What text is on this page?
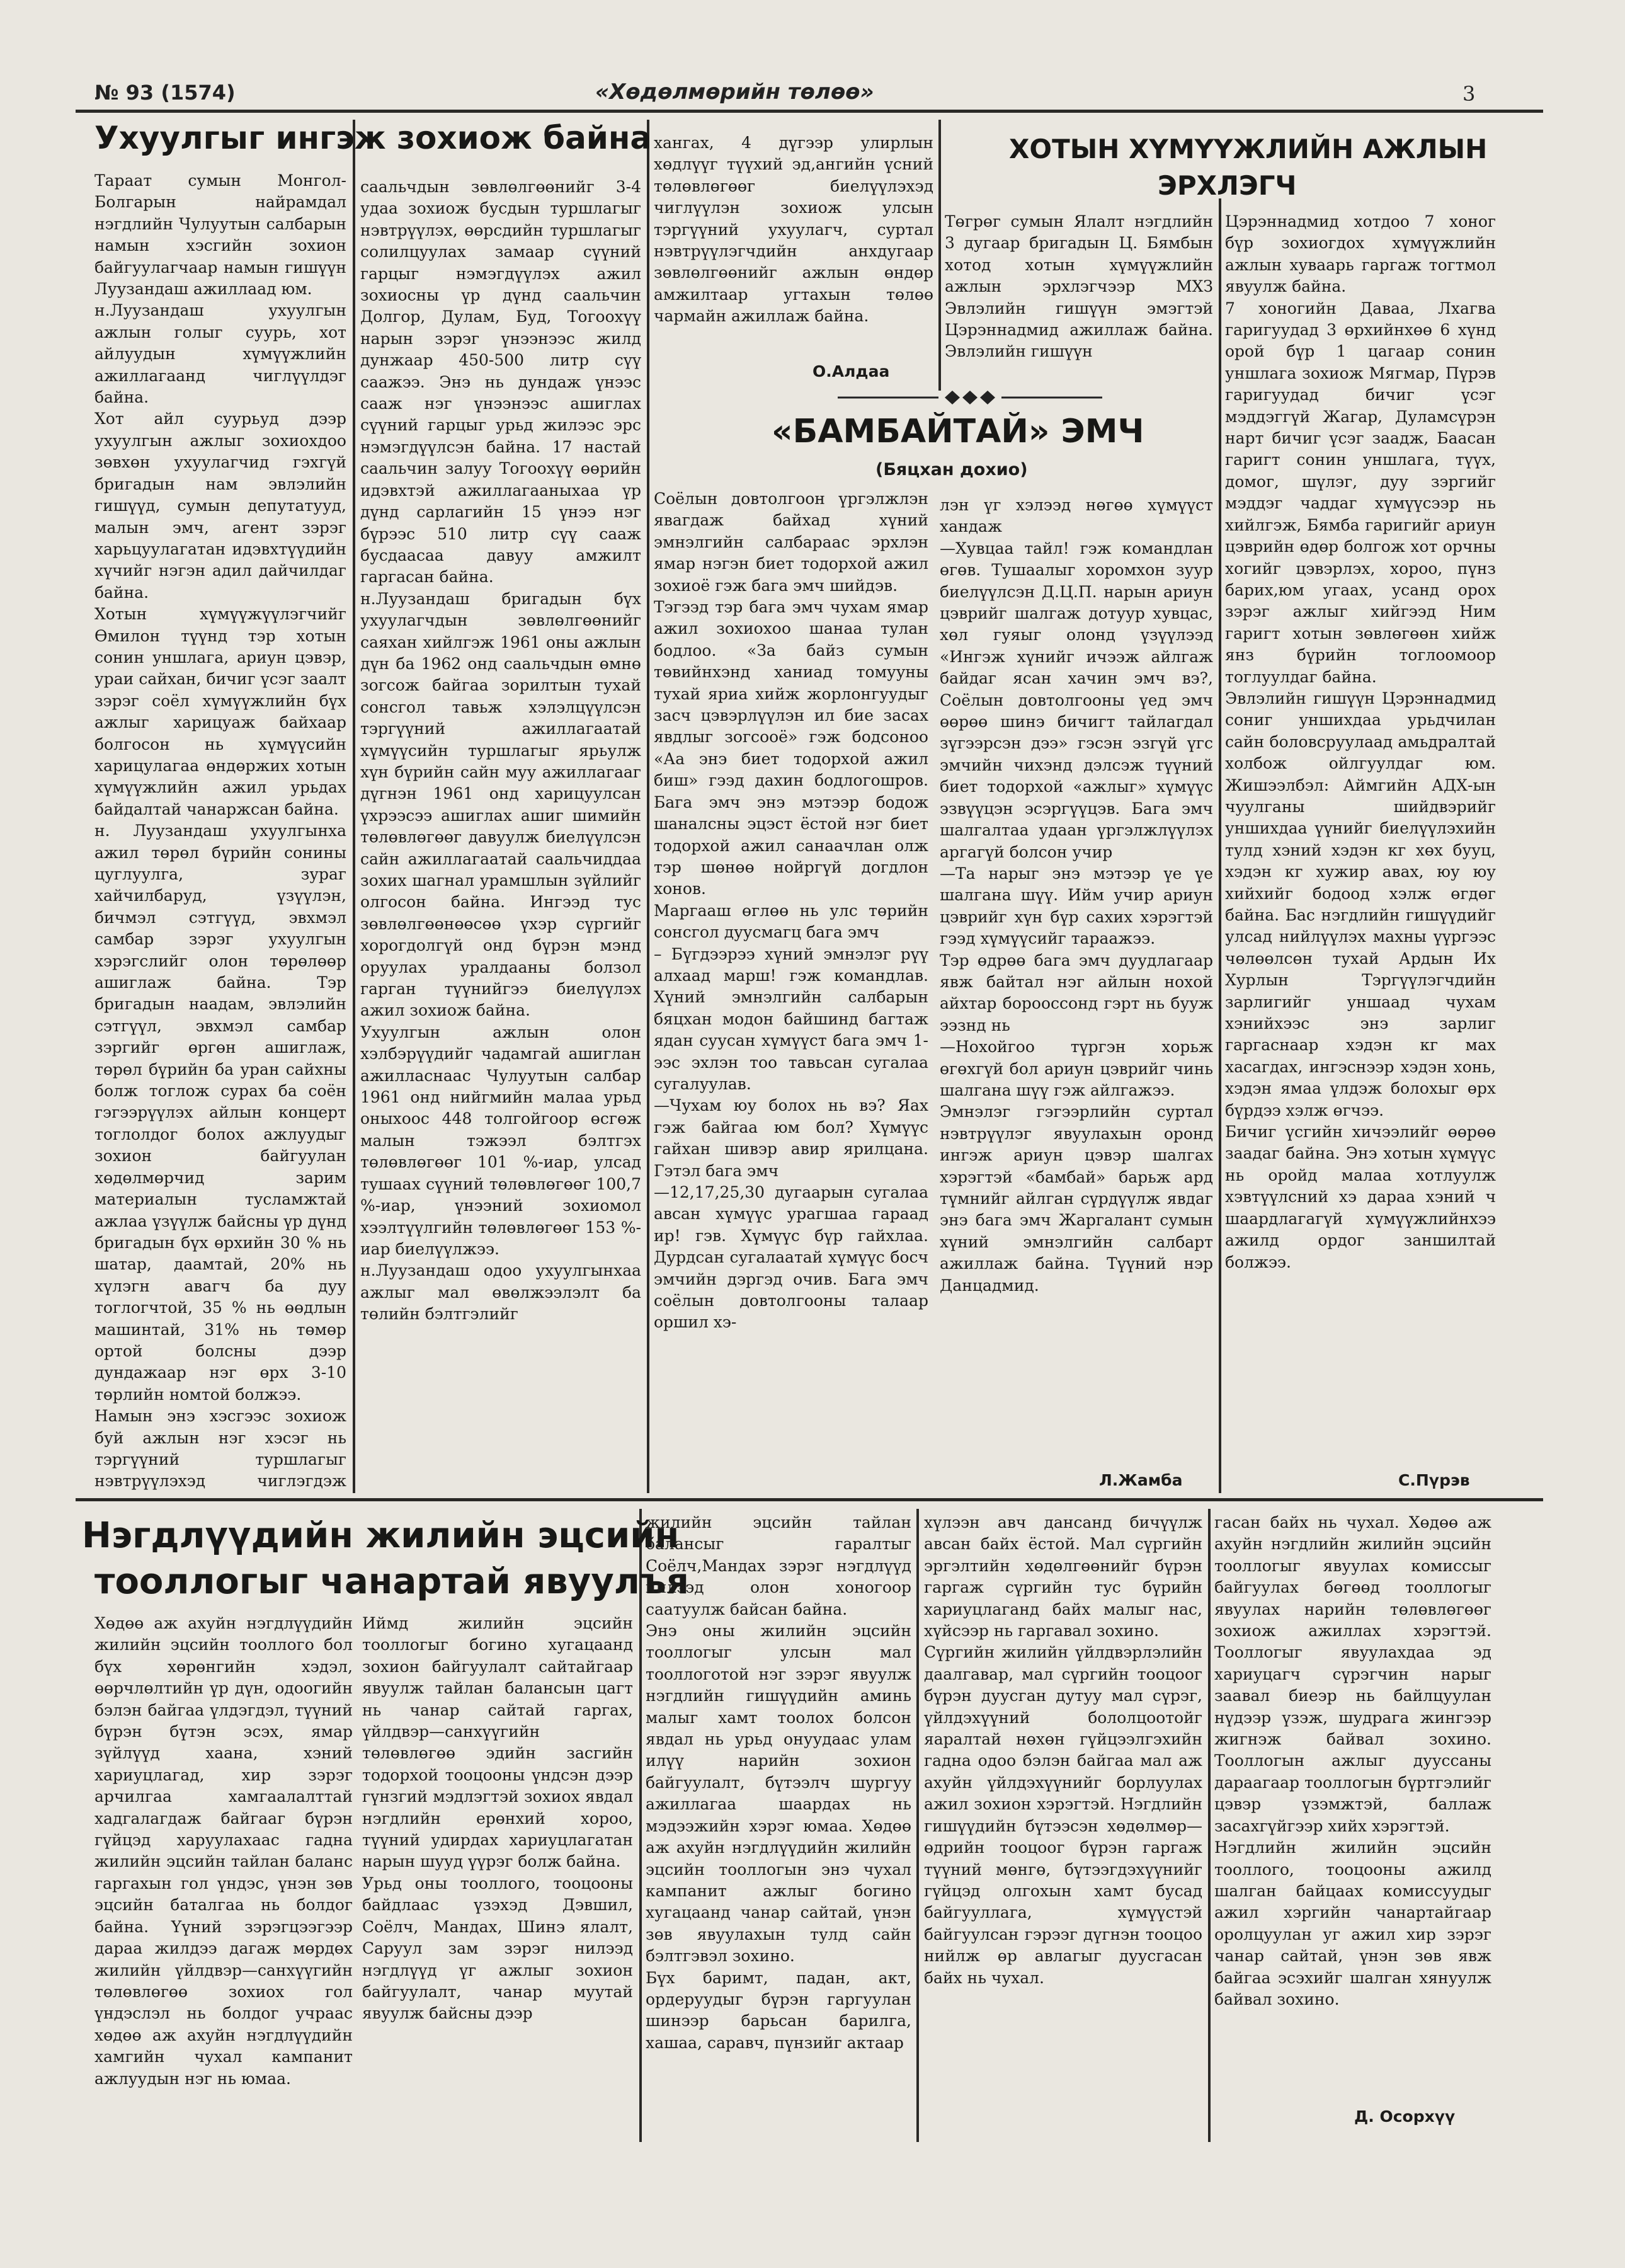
№ 93 (1574)	«Хөдөлмөрийн төлөө»	3
Ухуулгыг ингэж зохиож байна
Тараат сумын Монгол-Болгарын найрамдал нэгдлийн Чулуутын салбарын намын хэсгийн зохион байгуулагчаар намын гишүүн Луузандаш ажиллаад юм.
н.Луузандаш ухуулгын ажлын голыг суурь, хот айлуудын хүмүүжлийн ажиллагаанд чиглүүлдэг байна.
Хот айл суурьуд дээр ухуулгын ажлыг зохиохдоо зөвхөн ухуулагчид гэхгүй бригадын нам эвлэлийн гишүүд, сумын депутатууд, малын эмч, агент зэрэг харьцуулагатан идэвхтүүдийн хүчийг нэгэн адил дайчилдаг байна.
Хотын хүмүүжүүлэгчийг Өмилон түүнд тэр хотын сонин уншлага, ариун цэвэр, ураи сайхан, бичиг үсэг заалт зэрэг соёл хүмүүжлийн бүх ажлыг харицуаж байхаар болгосон нь хүмүүсийн харицулагаа өндөржих хотын хүмүүжлийн ажил урьдах байдалтай чанаржсан байна.
н. Луузандаш ухуулгынха ажил төрөл бүрийн сонины цуглуулга, зураг хайчилбаруд, үзүүлэн, бичмэл сэтгүүд, эвхмэл самбар зэрэг ухуулгын хэрэгслийг олон төрөлөөр ашиглаж байна. Тэр бригадын наадам, эвлэлийн сэтгүүл, эвхмэл самбар зэргийг өргөн ашиглаж, төрөл бүрийн ба уран сайхны болж тоглож сурах ба соён гэгээрүүлэх айлын концерт тоглолдог болох ажлуудыг зохион байгуулан хөдөлмөрчид зарим материалын тусламжтай ажлаа үзүүлж байсны үр дүнд бригадын бүх өрхийн 30 % нь шатар, даамтай, 20% нь хүлэгн авагч ба дуу тоглогчтой, 35 % нь өөдлын машинтай, 31% нь төмөр ортой болсны дээр дундажаар нэг өрх 3-10 төрлийн номтой болжээ.
Намын энэ хэсгээс зохиож буй ажлын нэг хэсэг нь тэргүүний туршлагыг нэвтрүүлэхэд чиглэгдэж
саальчдын зөвлөлгөөнийг 3-4 удаа зохиож бусдын туршлагыг нэвтрүүлэх, өөрсдийн туршлагыг солилцуулах замаар сүүний гарцыг нэмэгдүүлэх ажил зохиосны үр дүнд саальчин Долгор, Дулам, Буд, Тогоохүү нарын зэрэг үнээнээс жилд дунжаар 450-500 литр сүү саажээ. Энэ нь дундаж үнээс сааж нэг үнээнээс ашиглах сүүний гарцыг урьд жилээс эрс нэмэгдүүлсэн байна. 17 настай саальчин залуу Тогоохүү өөрийн идэвхтэй ажиллагааныхаа үр дүнд сарлагийн 15 үнээ нэг бүрээс 510 литр сүү сааж бусдаасаа давуу амжилт гаргасан байна.
н.Луузандаш бригадын бүх ухуулагчдын зөвлөлгөөнийг саяхан хийлгэж 1961 оны ажлын дүн ба 1962 онд саальчдын өмнө зогсож байгаа зорилтын тухай сонсгол тавьж хэлэлцүүлсэн тэргүүний ажиллагаатай хүмүүсийн туршлагыг ярьулж хүн бүрийн сайн муу ажиллагааг дүгнэн 1961 онд харицуулсан үхрээсээ ашиглах ашиг шимийн төлөвлөгөөг давуулж биелүүлсэн сайн ажиллагаатай саальчиддаа зохих шагнал урамшлын зүйлийг олгосон байна. Ингээд тус зөвлөлгөөнөөсөө үхэр сүргийг хорогдолгүй онд бүрэн мэнд оруулах уралдааны болзол гарган түүнийгээ биелүүлэх ажил зохиож байна.
Ухуулгын ажлын олон хэлбэрүүдийг чадамгай ашиглан ажилласнаас Чулуутын салбар 1961 онд нийгмийн малаа урьд оныхоос 448 толгойгоор өсгөж малын тэжээл бэлтгэх төлөвлөгөөг 101 %-иар, улсад тушаах сүүний төлөвлөгөөг 100,7 %-иар, үнээний зохиомол хээлтүүлгийн төлөвлөгөөг 153 %-иар биелүүлжээ.
н.Луузандаш одоо ухуулгынхаа ажлыг мал өвөлжээлэлт ба төлийн бэлтгэлийг
хангах, 4 дүгээр улирлын хөдлүүг түүхий эд,ангийн үсний төлөвлөгөөг биелүүлэхэд чиглүүлэн зохиож улсын тэргүүний ухуулагч, суртал нэвтрүүлэгчдийн анхдугаар зөвлөлгөөнийг ажлын өндөр амжилтаар угтахын төлөө чармайн ажиллаж байна.
О.Алдаа
ХОТЫН ХҮМҮҮЖЛИЙН АЖЛЫН
ЭРХЛЭГЧ
Төгрөг сумын Ялалт нэгдлийн 3 дугаар бригадын Ц. Бямбын хотод хотын хүмүүжлийн ажлын эрхлэгчээр МХЗ Эвлэлийн гишүүн эмэгтэй Цэрэннадмид ажиллаж байна. Эвлэлийн гишүүн
Цэрэннадмид хотдоо 7 хоног бүр зохиогдох хүмүүжлийн ажлын хуваарь гаргаж тогтмол явуулж байна.
7 хоногийн Даваа, Лхагва гаригуудад 3 өрхийнхөө 6 хүнд орой бүр 1 цагаар сонин уншлага зохиож Мягмар, Пүрэв гаригуудад бичиг үсэг мэддэггүй Жагар, Дуламсүрэн нарт бичиг үсэг заадж, Баасан гаригт сонин уншлага, түүх, домог, шүлэг, дуу зэргийг мэддэг чаддаг хүмүүсээр нь хийлгэж, Бямба гаригийг ариун цэврийн өдөр болгож хот орчны хогийг цэвэрлэх, хороо, пүнз барих,юм угаах, усанд орох зэрэг ажлыг хийгээд Ним гаригт хотын зөвлөгөөн хийж янз бүрийн тоглоомоор тоглуулдаг байна.
Эвлэлийн гишүүн Цэрэннадмид сониг уншихдаа урьдчилан сайн боловсруулаад амьдралтай холбож ойлгуулдаг юм. Жишээлбэл: Аймгийн АДХ-ын чуулганы шийдвэрийг уншихдаа үүнийг биелүүлэхийн тулд хэний хэдэн кг хөх бууц, хэдэн кг хужир авах, юу юу хийхийг бодоод хэлж өгдөг байна. Бас нэгдлийн гишүүдийг улсад нийлүүлэх махны үүргээс чөлөөлсөн тухай Ардын Их Хурлын Тэргүүлэгчдийн зарлигийг уншаад чухам хэнийхээс энэ зарлиг гаргаснаар хэдэн кг мах хасагдах, ингэснээр хэдэн хонь, хэдэн ямаа үлдэж болохыг өрх бүрдээ хэлж өгчээ.
Бичиг үсгийн хичээлийг өөрөө заадаг байна. Энэ хотын хүмүүс нь оройд малаа хотлуулж хэвтүүлсний хэ дараа хэний ч шаардлагагүй хүмүүжлийнхээ ажилд ордог заншилтай болжээ.
С.Пүрэв
«БАМБАЙТАЙ» ЭМЧ
(Бяцхан дохио)
Соёлын довтолгоон үргэлжлэн явагдаж байхад хүний эмнэлгийн салбараас эрхлэн ямар нэгэн биет тодорхой ажил зохиоё гэж бага эмч шийдэв.
Тэгээд тэр бага эмч чухам ямар ажил зохиохоо шанаа тулан бодлоо. «За байз сумын төвийнхэнд ханиад томууны тухай яриа хийж жорлонгуудыг засч цэвэрлүүлэн ил бие засах явдлыг зогсооё» гэж бодсоноо «Аа энэ биет тодорхой ажил биш» гээд дахин бодлогошров. Бага эмч энэ мэтээр бодож шаналсны эцэст ёстой нэг биет тодорхой ажил санаачлан олж тэр шөнөө нойргүй догдлон хонов.
Маргааш өглөө нь улс төрийн сонсгол дуусмагц бага эмч
– Бүгдээрээ хүний эмнэлэг рүү алхаад марш! гэж командлав. Хүний эмнэлгийн салбарын бяцхан модон байшинд багтаж ядан суусан хүмүүст бага эмч 1-ээс эхлэн тоо тавьсан сугалаа сугалуулав.
—Чухам юу болох нь вэ? Яах гэж байгаа юм бол? Хүмүүс гайхан шивэр авир ярилцана. Гэтэл бага эмч
—12,17,25,30 дугаарын сугалаа авсан хүмүүс урагшаа гараад ир! гэв. Хүмүүс бүр гайхлаа. Дурдсан сугалаатай хүмүүс босч эмчийн дэргэд очив. Бага эмч соёлын довтолгооны талаар оршил хэ-
лэн үг хэлээд нөгөө хүмүүст хандаж
—Хувцаа тайл! гэж командлан өгөв. Тушаалыг хоромхон зуур биелүүлсэн Д.Ц.П. нарын ариун цэврийг шалгаж дотуур хувцас, хөл гуяыг олонд үзүүлээд «Ингэж хүнийг ичээж айлгаж байдаг ясан хачин эмч вэ?, Соёлын довтолгооны үед эмч өөрөө шинэ бичигт тайлагдал зүгээрсэн дээ» гэсэн эзгүй үгс эмчийн чихэнд дэлсэж түүний биет тодорхой «ажлыг» хүмүүс эзвүүцэн эсэргүүцэв. Бага эмч шалгалтаа удаан үргэлжлүүлэх аргагүй болсон учир
—Та нарыг энэ мэтээр үе үе шалгана шүү. Ийм учир ариун цэврийг хүн бүр сахих хэрэгтэй гээд хүмүүсийг тараажээ.
Тэр өдрөө бага эмч дуудлагаар явж байтал нэг айлын нохой айхтар борооссонд гэрт нь бууж ээзнд нь
—Нохойгоо түргэн хорьж өгөхгүй бол ариун цэврийг чинь шалгана шүү гэж айлгажээ.
Эмнэлэг гэгээрлийн суртал нэвтрүүлэг явуулахын оронд ингэж ариун цэвэр шалгах хэрэгтэй «бамбай» барьж ард түмнийг айлган сүрдүүлж явдаг энэ бага эмч Жаргалант сумын хүний эмнэлгийн салбарт ажиллаж байна. Түүний нэр Данцадмид.
Л.Жамба
Нэгдлүүдийн жилийн эцсийн
тооллогыг чанартай явуулъя
Хөдөө аж ахуйн нэгдлүүдийн жилийн эцсийн тооллого бол бүх хөрөнгийн хэдэл, өөрчлөлтийн үр дүн, одоогийн бэлэн байгаа үлдэгдэл, түүний бүрэн бүтэн эсэх, ямар зүйлүүд хаана, хэний хариуцлагад, хир зэрэг арчилгаа хамгаалалттай хадгалагдаж байгааг бүрэн гүйцэд харуулахаас гадна жилийн эцсийн тайлан баланс гаргахын гол үндэс, үнэн зөв эцсийн баталгаа нь болдог байна. Үүний зэрэгцээгээр дараа жилдээ дагаж мөрдөх жилийн үйлдвэр—санхүүгийн төлөвлөгөө зохиох гол үндэслэл нь болдог учраас хөдөө аж ахуйн нэгдлүүдийн хамгийн чухал кампанит ажлуудын нэг нь юмаа.
Иймд жилийн эцсийн тооллогыг богино хугацаанд зохион байгуулалт сайтайгаар явуулж тайлан балансын цагт нь чанар сайтай гаргах, үйлдвэр—санхүүгийн төлөвлөгөө эдийн засгийн тодорхой тооцооны үндсэн дээр гүнзгий мэдлэгтэй зохиох явдал нэгдлийн ерөнхий хороо, түүний удирдах хариуцлагатан нарын шууд үүрэг болж байна.
Урьд оны тооллого, тооцооны байдлаас үзэхэд Дэвшил, Соёлч, Мандах, Шинэ ялалт, Саруул зам зэрэг нилээд нэгдлүүд үг ажлыг зохион байгуулалт, чанар муутай явуулж байсны дээр
жилийн эцсийн тайлан балансыг гаралтыг Соёлч,Мандах зэрэг нэгдлүүд нилээд олон хоногоор саатуулж байсан байна.
Энэ оны жилийн эцсийн тооллогыг улсын мал тооллоготой нэг зэрэг явуулж нэгдлийн гишүүдийн аминь малыг хамт тоолох болсон явдал нь урьд онуудаас улам илүү нарийн зохион байгуулалт, бүтээлч шургуу ажиллагаа шаардах нь мэдээжийн хэрэг юмаа. Хөдөө аж ахуйн нэгдлүүдийн жилийн эцсийн тооллогын энэ чухал кампанит ажлыг богино хугацаанд чанар сайтай, үнэн зөв явуулахын тулд сайн бэлтгэвэл зохино.
Бүх баримт, падан, акт, ордеруудыг бүрэн гаргуулан шинээр барьсан барилга, хашаа, саравч, пүнзийг актаар
хүлээн авч дансанд бичүүлж авсан байх ёстой. Мал сүргийн эргэлтийн хөдөлгөөнийг бүрэн гаргаж сүргийн тус бүрийн хариуцлаганд байх малыг нас, хүйсээр нь гаргавал зохино.
Сүргийн жилийн үйлдвэрлэлийн даалгавар, мал сүргийн тооцоог бүрэн дуусган дутуу мал сүрэг, үйлдэхүүний бололцоотойг яаралтай нөхөн гүйцээлгэхийн гадна одоо бэлэн байгаа мал аж ахуйн үйлдэхүүнийг борлуулах ажил зохион хэрэгтэй. Нэгдлийн гишүүдийн бүтээсэн хөдөлмөр—өдрийн тооцоог бүрэн гаргаж түүний мөнгө, бүтээгдэхүүнийг гүйцэд олгохын хамт бусад байгууллага, хүмүүстэй байгуулсан гэрээг дүгнэн тооцоо нийлж өр авлагыг дуусгасан байх нь чухал.
гасан байх нь чухал. Хөдөө аж ахуйн нэгдлийн жилийн эцсийн тооллогыг явуулах комиссыг байгуулах бөгөөд тооллогыг явуулах нарийн төлөвлөгөөг зохиож ажиллах хэрэгтэй. Тооллогыг явуулахдаа эд хариуцагч сүрэгчин нарыг заавал биеэр нь байлцуулан нүдээр үзэж, шудрага жингээр жигнэж байвал зохино. Тооллогын ажлыг дууссаны дараагаар тооллогын бүртгэлийг цэвэр үзэмжтэй, баллаж засахгүйгээр хийх хэрэгтэй.
Нэгдлийн жилийн эцсийн тооллого, тооцооны ажилд шалган байцаах комиссуудыг ажил хэргийн чанартайгаар оролцуулан уг ажил хир зэрэг чанар сайтай, үнэн зөв явж байгаа эсэхийг шалган хянуулж байвал зохино.
Д. Осорхүү
